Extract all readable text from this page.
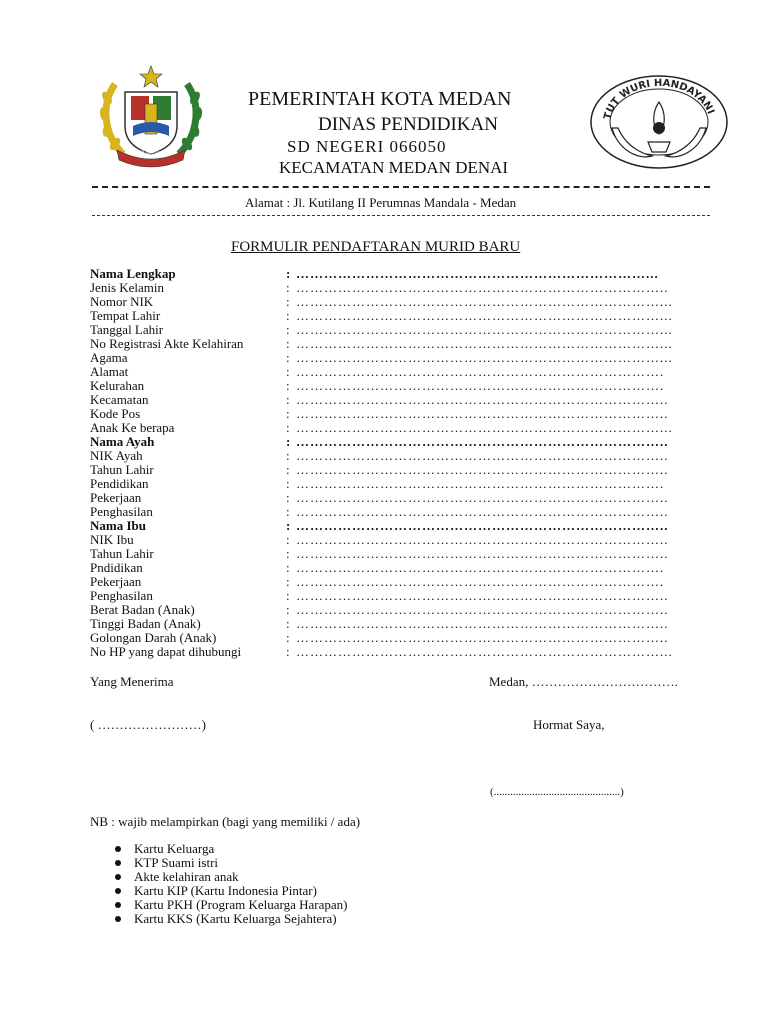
KOTA MEDAN
PEMERINTAH KOTA MEDAN
DINAS PENDIDIKAN
SD NEGERI 066050
KECAMATAN MEDAN DENAI
TUT WURI HANDAYANI
Alamat : Jl. Kutilang II Perumnas Mandala - Medan
FORMULIR PENDAFTARAN MURID BARU
Nama Lengkap	: …………………………………………………………………...
Jenis Kelamin	: ……………………………………………………………………..
Nomor NIK	: ……………………………………………………………………...
Tempat Lahir	: ……………………………………………………………………...
Tanggal Lahir	: ……………………………………………………………………...
No Registrasi Akte Kelahiran	: ……………………………………………………………………...
Agama	: ……………………………………………………………………...
Alamat	: …………………………………………………………………….
Kelurahan	: …………………………………………………………………….
Kecamatan	: ……………………………………………………………………..
Kode Pos	: ……………………………………………………………………..
Anak Ke berapa	: ……………………………………………………………………...
Nama Ayah	: ……………………………………………………………………..
NIK Ayah	: ……………………………………………………………………..
Tahun Lahir	: ……………………………………………………………………..
Pendidikan	: …………………………………………………………………….
Pekerjaan	: ……………………………………………………………………..
Penghasilan	: ……………………………………………………………………..
Nama Ibu	: ……………………………………………………………………..
NIK Ibu	: ……………………………………………………………………..
Tahun Lahir	: ……………………………………………………………………..
Pndidikan	: …………………………………………………………………….
Pekerjaan	: …………………………………………………………………….
Penghasilan	: ……………………………………………………………………..
Berat Badan (Anak)	: ……………………………………………………………………..
Tinggi Badan (Anak)	: ……………………………………………………………………..
Golongan Darah (Anak)	: ……………………………………………………………………..
No HP yang dapat dihubungi	: ……………………………………………………………………...
Yang Menerima	Medan, …………………………….
( ……………………)	Hormat Saya,
(..............................................)
NB : wajib melampirkan (bagi yang memiliki / ada)
Kartu Keluarga
KTP Suami istri
Akte kelahiran anak
Kartu KIP (Kartu Indonesia Pintar)
Kartu PKH (Program Keluarga Harapan)
Kartu KKS (Kartu Keluarga Sejahtera)
